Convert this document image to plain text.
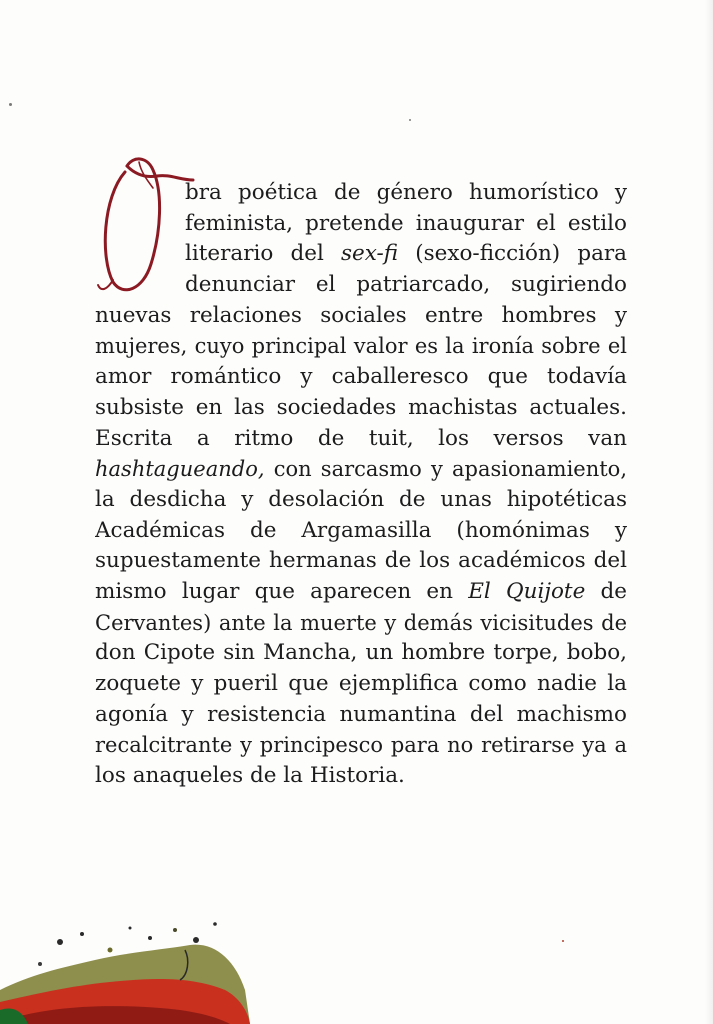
bra poética de género humorístico y
feminista, pretende inaugurar el estilo
literario del sex-fi (sexo-ficción) para
denunciar el patriarcado, sugiriendo
nuevas relaciones sociales entre hombres y
mujeres, cuyo principal valor es la ironía sobre el
amor romántico y caballeresco que todavía
subsiste en las sociedades machistas actuales.
Escrita a ritmo de tuit, los versos van
hashtagueando, con sarcasmo y apasionamiento,
la desdicha y desolación de unas hipotéticas
Académicas de Argamasilla (homónimas y
supuestamente hermanas de los académicos del
mismo lugar que aparecen en El Quijote de
Cervantes) ante la muerte y demás vicisitudes de
don Cipote sin Mancha, un hombre torpe, bobo,
zoquete y pueril que ejemplifica como nadie la
agonía y resistencia numantina del machismo
recalcitrante y principesco para no retirarse ya a
los anaqueles de la Historia.
